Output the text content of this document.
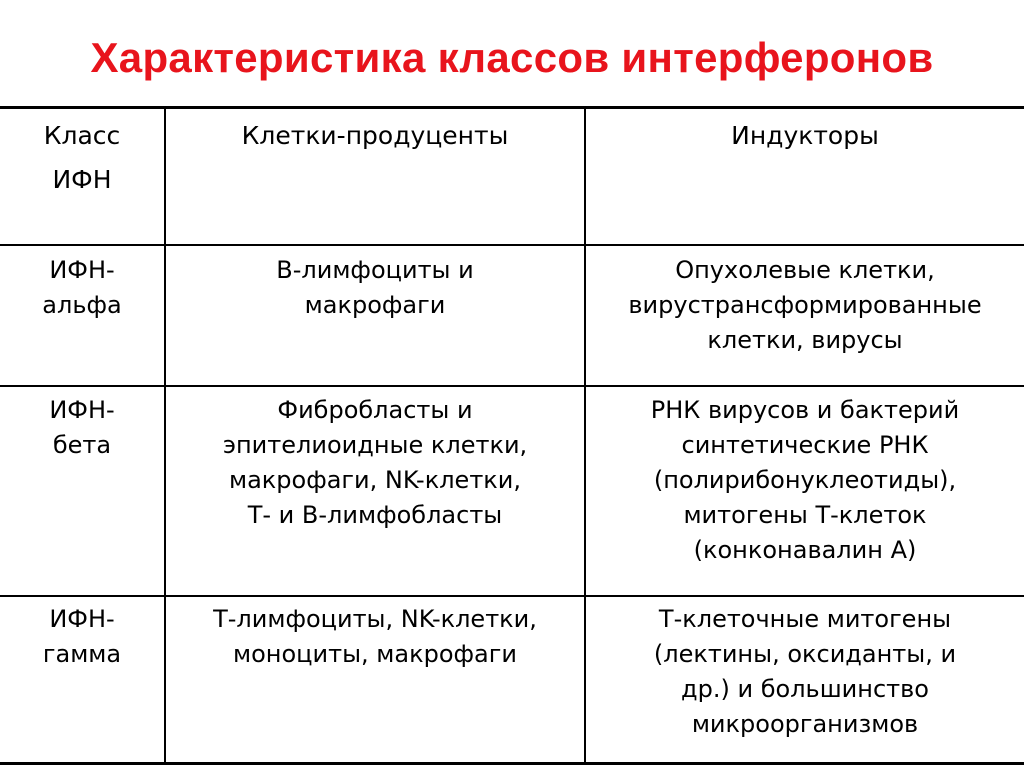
Характеристика классов интерферонов
Класс
ИФН
Клетки-продуценты	Индукторы
ИФН-
альфа
В-лимфоциты и
макрофаги
Опухолевые клетки,
вирустрансформированные
клетки, вирусы
ИФН-
бета
Фибробласты и
эпителиоидные клетки,
макрофаги, NK-клетки,
Т- и В-лимфобласты
РНК вирусов и бактерий
синтетические РНК
(полирибонуклеотиды),
митогены Т-клеток
(конконавалин А)
ИФН-
гамма
Т-лимфоциты, NK-клетки,
моноциты, макрофаги
Т-клеточные митогены
(лектины, оксиданты, и
др.) и большинство
микроорганизмов
